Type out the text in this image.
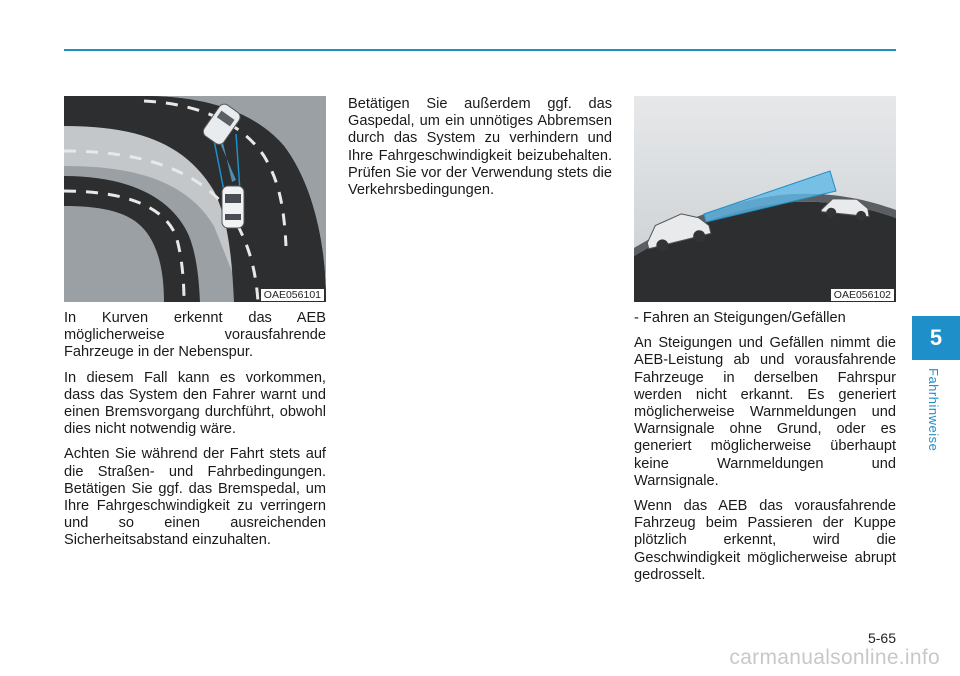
OAE056101	OAE056102

In Kurven erkennt das AEB möglicherweise vorausfahrende Fahrzeuge in der Nebenspur.

In diesem Fall kann es vorkommen, dass das System den Fahrer warnt und einen Bremsvorgang durchführt, obwohl dies nicht notwendig wäre.

Achten Sie während der Fahrt stets auf die Straßen- und Fahrbedingungen. Betätigen Sie ggf. das Bremspedal, um Ihre Fahrgeschwindigkeit zu verringern und so einen ausreichenden Sicherheitsabstand einzuhalten.

Betätigen Sie außerdem ggf. das Gaspedal, um ein unnötiges Abbremsen durch das System zu verhindern und Ihre Fahrgeschwindigkeit beizubehalten. Prüfen Sie vor der Verwendung stets die Verkehrsbedingungen.

- Fahren an Steigungen/Gefällen

An Steigungen und Gefällen nimmt die AEB-Leistung ab und vorausfahrende Fahrzeuge in derselben Fahrspur werden nicht erkannt. Es generiert möglicherweise Warnmeldungen und Warnsignale ohne Grund, oder es generiert möglicherweise überhaupt keine Warnmeldungen und Warnsignale.

Wenn das AEB das vorausfahrende Fahrzeug beim Passieren der Kuppe plötzlich erkennt, wird die Geschwindigkeit möglicherweise abrupt gedrosselt.

5
Fahrhinweise
5-65
carmanualsonline.info
